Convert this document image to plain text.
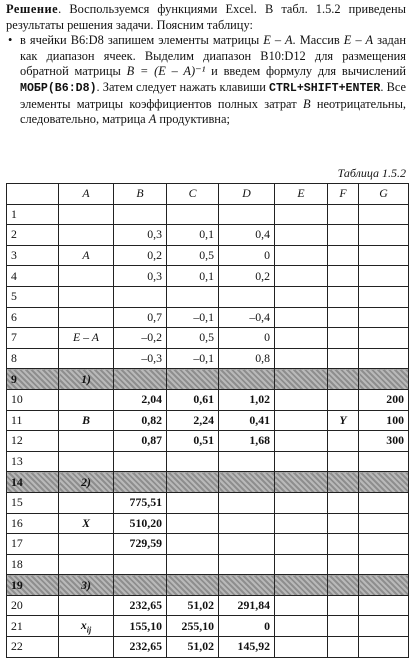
Решение. Воспользуемся функциями Excel. В табл. 1.5.2 приведены результаты решения задачи. Поясним таблицу:
• в ячейки B6:D8 запишем элементы матрицы E – A. Массив E – A задан как диапазон ячеек. Выделим диапазон B10:D12 для размещения обратной матрицы B = (E – A)⁻¹ и введем формулу для вычислений МОБР(B6:D8). Затем следует нажать клавиши CTRL+SHIFT+ENTER. Все элементы матрицы коэффициентов полных затрат B неотрицательны, следовательно, матрица A продуктивна;
Таблица 1.5.2
	A	B	C	D	E	F	G
1							
2		0,3	0,1	0,4			
3	A	0,2	0,5	0			
4		0,3	0,1	0,2			
5							
6		0,7	–0,1	–0,4			
7	E – A	–0,2	0,5	0			
8		–0,3	–0,1	0,8			
9	1)						
10		2,04	0,61	1,02			200
11	B	0,82	2,24	0,41		Y	100
12		0,87	0,51	1,68			300
13							
14	2)						
15		775,51					
16	X	510,20					
17		729,59					
18							
19	3)						
20		232,65	51,02	291,84			
21	$x_{ij}$	155,10	255,10	0			
22		232,65	51,02	145,92			
